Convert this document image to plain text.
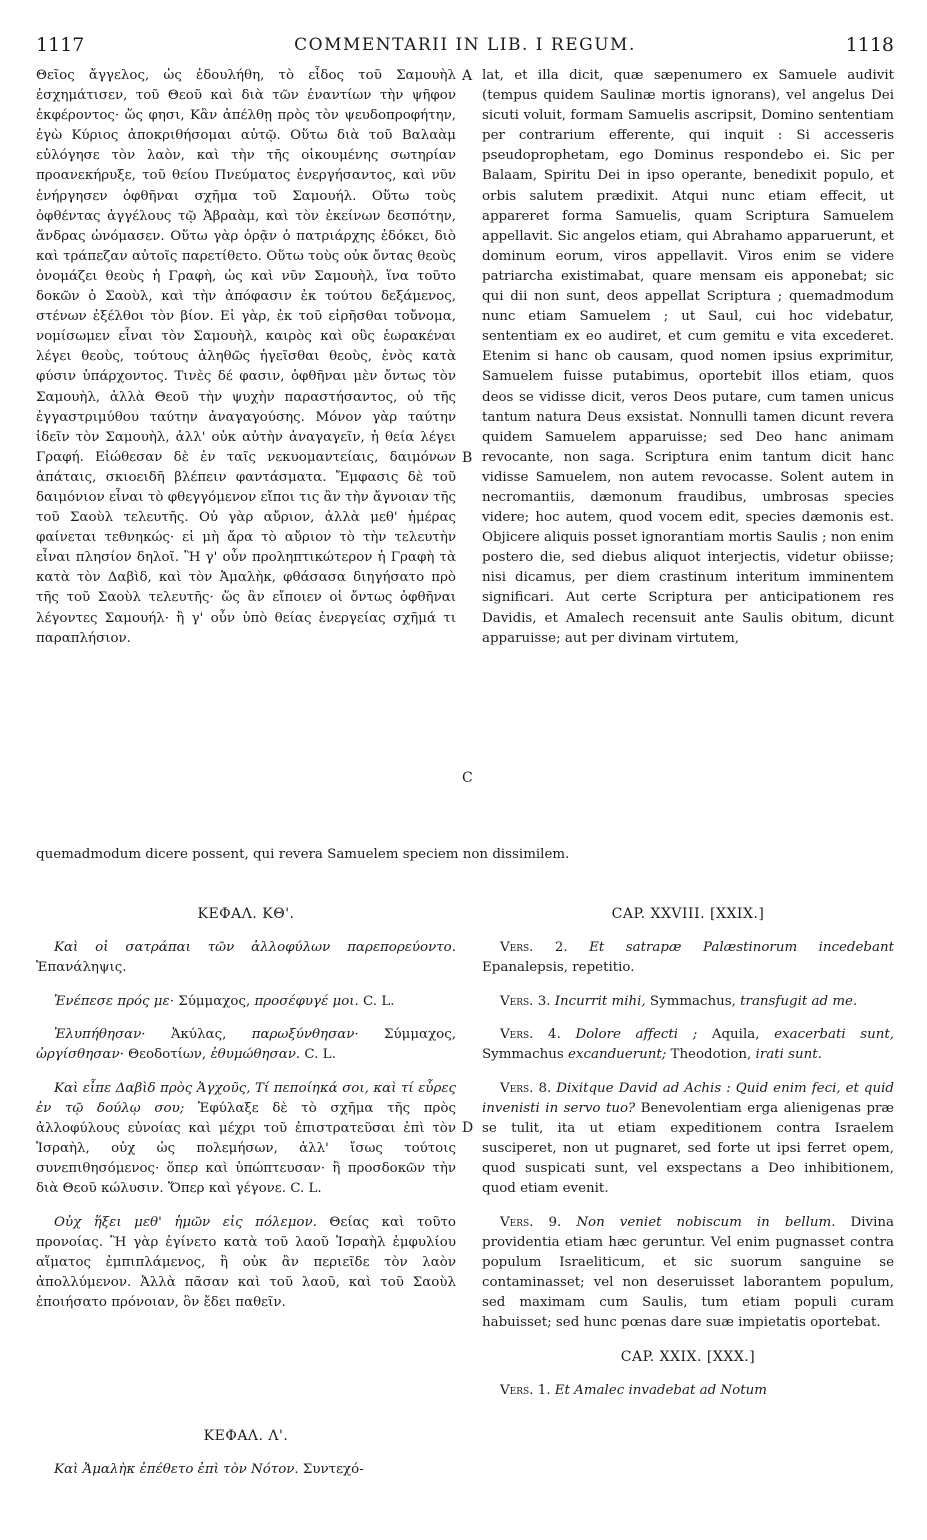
1117	COMMENTARII IN LIB. I REGUM.	1118
A
B
C
D

Θεῖος ἄγγελος, ὡς ἐδουλήθη, τὸ εἶδος τοῦ Σαμουὴλ ἐσχημάτισεν, τοῦ Θεοῦ καὶ διὰ τῶν ἐναντίων τὴν ψῆφον ἐκφέροντος· ὥς φησι, Κἂν ἀπέλθῃ πρὸς τὸν ψευδοπροφήτην, ἐγὼ Κύριος ἀποκριθήσομαι αὐτῷ. Οὕτω διὰ τοῦ Βαλαὰμ εὐλόγησε τὸν λαὸν, καὶ τὴν τῆς οἰκουμένης σωτηρίαν προανεκήρυξε, τοῦ θείου Πνεύματος ἐνεργήσαντος, καὶ νῦν ἐνήργησεν ὀφθῆναι σχῆμα τοῦ Σαμουήλ. Οὕτω τοὺς ὀφθέντας ἀγγέλους τῷ Ἀβραὰμ, καὶ τὸν ἐκείνων δεσπότην, ἄνδρας ὠνόμασεν. Οὕτω γὰρ ὁρᾷν ὁ πατριάρχης ἐδόκει, διὸ καὶ τράπεζαν αὐτοῖς παρετίθετο. Οὕτω τοὺς οὐκ ὄντας θεοὺς ὀνομάζει θεοὺς ἡ Γραφὴ, ὡς καὶ νῦν Σαμουὴλ, ἵνα τοῦτο δοκῶν ὁ Σαοὺλ, καὶ τὴν ἀπόφασιν ἐκ τούτου δεξάμενος, στένων ἐξέλθοι τὸν βίον. Εἰ γὰρ, ἐκ τοῦ εἰρῆσθαι τοὔνομα, νομίσωμεν εἶναι τὸν Σαμουὴλ, καιρὸς καὶ οὓς ἑωρακέναι λέγει θεοὺς, τούτους ἀληθῶς ἡγεῖσθαι θεοὺς, ἑνὸς κατὰ φύσιν ὑπάρχοντος. Τινὲς δέ φασιν, ὀφθῆναι μὲν ὄντως τὸν Σαμουὴλ, ἀλλὰ Θεοῦ τὴν ψυχὴν παραστήσαντος, οὐ τῆς ἐγγαστριμύθου ταύτην ἀναγαγούσης. Μόνον γὰρ ταύτην ἰδεῖν τὸν Σαμουὴλ, ἀλλ' οὐκ αὐτὴν ἀναγαγεῖν, ἡ θεία λέγει Γραφή. Εἰώθεσαν δὲ ἐν ταῖς νεκυομαντείαις, δαιμόνων ἀπάταις, σκιοειδῆ βλέπειν φαντάσματα. Ἔμφασις δὲ τοῦ δαιμόνιον εἶναι τὸ φθεγγόμενον εἴποι τις ἂν τὴν ἄγνοιαν τῆς τοῦ Σαοὺλ τελευτῆς. Οὐ γὰρ αὔριον, ἀλλὰ μεθ' ἡμέρας φαίνεται τεθνηκώς· εἰ μὴ ἄρα τὸ αὔριον τὸ τὴν τελευτὴν εἶναι πλησίον δηλοῖ. Ἢ γ' οὖν προληπτικώτερον ἡ Γραφὴ τὰ κατὰ τὸν Δαβὶδ, καὶ τὸν Ἀμαλὴκ, φθάσασα διηγήσατο πρὸ τῆς τοῦ Σαοὺλ τελευτῆς· ὥς ἂν εἴποιεν οἱ ὄντως ὀφθῆναι λέγοντες Σαμουήλ· ἢ γ' οὖν ὑπὸ θείας ἐνεργείας σχῆμά τι παραπλήσιον.

lat, et illa dicit, quæ sæpenumero ex Samuele audivit (tempus quidem Saulinæ mortis ignorans), vel angelus Dei sicuti voluit, formam Samuelis ascripsit, Domino sententiam per contrarium efferente, qui inquit : Si accesseris pseudoprophetam, ego Dominus respondebo ei. Sic per Balaam, Spiritu Dei in ipso operante, benedixit populo, et orbis salutem prædixit. Atqui nunc etiam effecit, ut appareret forma Samuelis, quam Scriptura Samuelem appellavit. Sic angelos etiam, qui Abrahamo apparuerunt, et dominum eorum, viros appellavit. Viros enim se videre patriarcha existimabat, quare mensam eis apponebat; sic qui dii non sunt, deos appellat Scriptura ; quemadmodum nunc etiam Samuelem ; ut Saul, cui hoc videbatur, sententiam ex eo audiret, et cum gemitu e vita excederet. Etenim si hanc ob causam, quod nomen ipsius exprimitur, Samuelem fuisse putabimus, oportebit illos etiam, quos deos se vidisse dicit, veros Deos putare, cum tamen unicus tantum natura Deus exsistat. Nonnulli tamen dicunt revera quidem Samuelem apparuisse; sed Deo hanc animam revocante, non saga. Scriptura enim tantum dicit hanc vidisse Samuelem, non autem revocasse. Solent autem in necromantiis, dæmonum fraudibus, umbrosas species videre; hoc autem, quod vocem edit, species dæmonis est. Objicere aliquis posset ignorantiam mortis Saulis ; non enim postero die, sed diebus aliquot interjectis, videtur obiisse; nisi dicamus, per diem crastinum interitum imminentem significari. Aut certe Scriptura per anticipationem res Davidis, et Amalech recensuit ante Saulis obitum, dicunt apparuisse; aut per divinam virtutem,

quemadmodum dicere possent, qui revera Samuelem speciem non dissimilem.

ΚΕΦΑΛ. ΚΘ'.

Καὶ οἱ σατράπαι τῶν ἀλλοφύλων παρεπορεύοντο. Ἐπανάληψις.

Ἐνέπεσε πρός με· Σύμμαχος, προσέφυγέ μοι. C. L.

Ἐλυπήθησαν· Ἀκύλας, παρωξύνθησαν· Σύμμαχος, ὠργίσθησαν· Θεοδοτίων, ἐθυμώθησαν. C. L.

Καὶ εἶπε Δαβὶδ πρὸς Ἀγχοῦς, Τί πεποίηκά σοι, καὶ τί εὗρες ἐν τῷ δούλῳ σου; Ἐφύλαξε δὲ τὸ σχῆμα τῆς πρὸς ἀλλοφύλους εὐνοίας καὶ μέχρι τοῦ ἐπιστρατεῦσαι ἐπὶ τὸν Ἰσραὴλ, οὐχ ὡς πολεμήσων, ἀλλ' ἴσως τούτοις συνεπιθησόμενος· ὅπερ καὶ ὑπώπτευσαν· ἢ προσδοκῶν τὴν διὰ Θεοῦ κώλυσιν. Ὅπερ καὶ γέγονε. C. L.

Οὐχ ἥξει μεθ' ἡμῶν εἰς πόλεμον. Θείας καὶ τοῦτο προνοίας. Ἢ γὰρ ἐγίνετο κατὰ τοῦ λαοῦ Ἰσραὴλ ἐμφυλίου αἵματος ἐμπιπλάμενος, ἢ οὐκ ἂν περιεῖδε τὸν λαὸν ἀπολλύμενον. Ἀλλὰ πᾶσαν καὶ τοῦ λαοῦ, καὶ τοῦ Σαοὺλ ἐποιήσατο πρόνοιαν, ὃν ἔδει παθεῖν.

ΚΕΦΑΛ. Λ'.

Καὶ Ἀμαλὴκ ἐπέθετο ἐπὶ τὸν Νότον. Συντεχό-

CAP. XXVIII. [XXIX.]

Vers. 2. Et satrapæ Palæstinorum incedebant Epanalepsis, repetitio.

Vers. 3. Incurrit mihi, Symmachus, transfugit ad me.

Vers. 4. Dolore affecti ; Aquila, exacerbati sunt, Symmachus excanduerunt; Theodotion, irati sunt.

Vers. 8. Dixitque David ad Achis : Quid enim feci, et quid invenisti in servo tuo? Benevolentiam erga alienigenas præ se tulit, ita ut etiam expeditionem contra Israelem susciperet, non ut pugnaret, sed forte ut ipsi ferret opem, quod suspicati sunt, vel exspectans a Deo inhibitionem, quod etiam evenit.

Vers. 9. Non veniet nobiscum in bellum. Divina providentia etiam hæc geruntur. Vel enim pugnasset contra populum Israeliticum, et sic suorum sanguine se contaminasset; vel non deseruisset laborantem populum, sed maximam cum Saulis, tum etiam populi curam habuisset; sed hunc pœnas dare suæ impietatis oportebat.

CAP. XXIX. [XXX.]

Vers. 1. Et Amalec invadebat ad Notum
